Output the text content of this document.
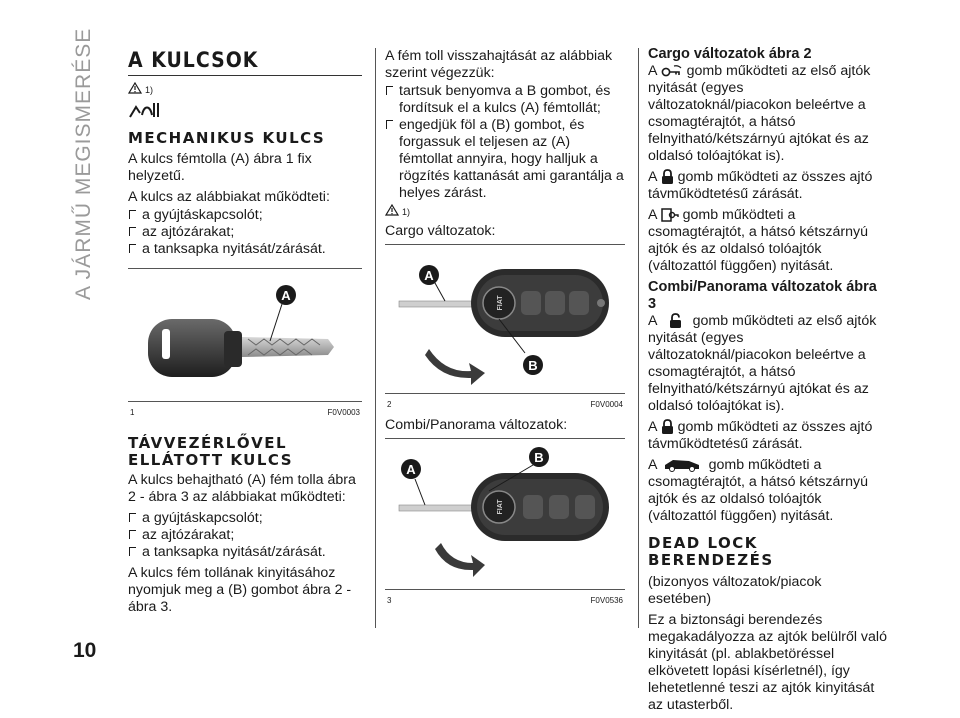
A JÁRMŰ MEGISMERÉSE A KULCSOK
1)
MECHANIKUS KULCS

A kulcs fémtolla (A) ábra 1 fix helyzetű.

A kulcs az alábbiakat működteti:

a gyújtáskapcsolót;

az ajtózárakat;

a tanksapka nyitását/zárását.

A
1	F0V0003
TÁVVEZÉRLŐVEL ELLÁTOTT KULCS

A kulcs behajtható (A) fém tolla ábra 2 - ábra 3 az alábbiakat működteti:

a gyújtáskapcsolót;

az ajtózárakat;

a tanksapka nyitását/zárását.

A kulcs fém tollának kinyitásához nyomjuk meg a (B) gombot ábra 2 - ábra 3.

A fém toll visszahajtását az alábbiak szerint végezzük:

tartsuk benyomva a B gombot, és fordítsuk el a kulcs (A) fémtollát;

engedjük föl a (B) gombot, és forgassuk el teljesen az (A) fémtollat annyira, hogy halljuk a rögzítés kattanását ami garantálja a helyes zárást.

1)

Cargo változatok:

FIAT
A
B
2	F0V0004

Combi/Panorama változatok:

FIAT
A
B
3	F0V0536
Cargo változatok ábra 2

A gomb működteti az első ajtók nyitását (egyes változatoknál/piacokon beleértve a csomagtérajtót, a hátsó felnyitható/kétszárnyú ajtókat és az oldalsó tolóajtókat is).

A gomb működteti az összes ajtó távműködtetésű zárását.

A gomb működteti a csomagtérajtót, a hátsó kétszárnyú ajtók és az oldalsó tolóajtók (változattól függően) nyitását.

Combi/Panorama változatok ábra 3

A	gomb működteti az első ajtók nyitását (egyes változatoknál/piacokon beleértve a csomagtérajtót, a hátsó felnyitható/kétszárnyú ajtókat és az oldalsó tolóajtókat is).

A gomb működteti az összes ajtó távműködtetésű zárását.

A	gomb működteti a csomagtérajtót, a hátsó kétszárnyú ajtók és az oldalsó tolóajtók (változattól függően) nyitását.

DEAD LOCK BERENDEZÉS

(bizonyos változatok/piacok esetében)

Ez a biztonsági berendezés megakadályozza az ajtók belülről való kinyitását (pl. ablakbetöréssel elkövetett lopási kísérletnél), így lehetetlenné teszi az ajtók kinyitását az utasterből.

10
